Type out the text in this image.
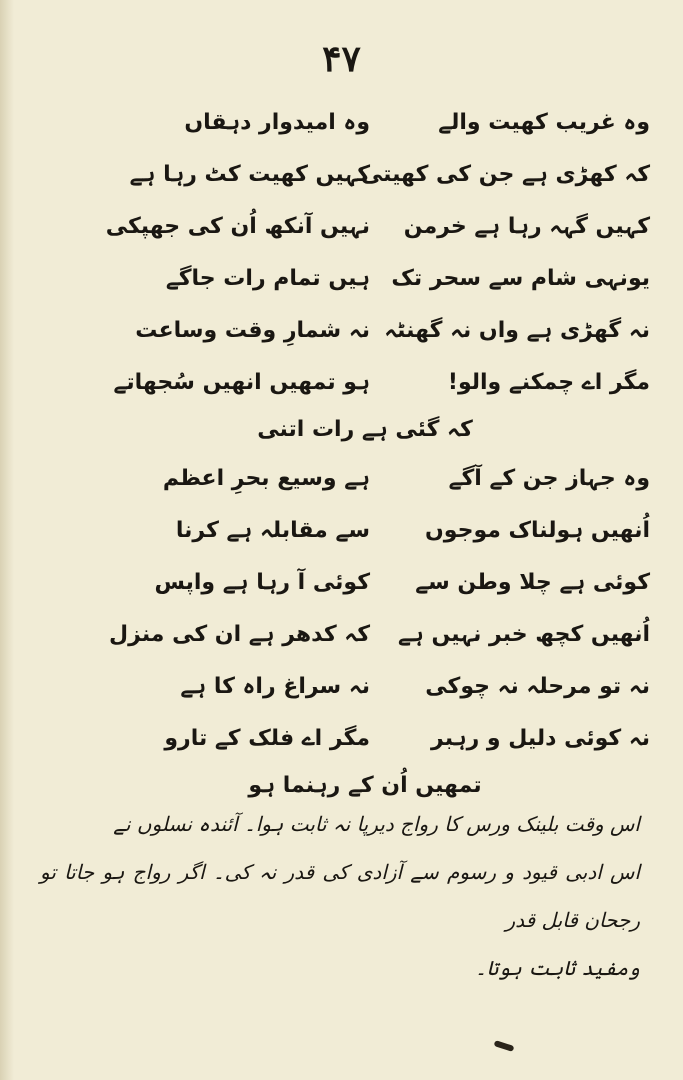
۴۷
وہ غریب کھیت والے
وہ امیدوار دہقاں
کہ کھڑی ہے جن کی کھیتی
کہیں کھیت کٹ رہا ہے
کہیں گہہ رہا ہے خرمن
نہیں آنکھ اُن کی جھپکی
یونہی شام سے سحر تک
ہیں تمام رات جاگے
نہ گھڑی ہے واں نہ گھنٹہ
نہ شمارِ وقت وساعت
مگر اے چمکنے والو!
ہو تمھیں انھیں سُجھاتے
کہ گئی ہے رات اتنی
وہ جہاز جن کے آگے
ہے وسیع بحرِ اعظم
اُنھیں ہولناک موجوں
سے مقابلہ ہے کرنا
کوئی ہے چلا وطن سے
کوئی آ رہا ہے واپس
اُنھیں کچھ خبر نہیں ہے
کہ کدھر ہے ان کی منزل
نہ تو مرحلہ نہ چوکی
نہ سراغ راہ کا ہے
نہ کوئی دلیل و رہبر
مگر اے فلک کے تارو
تمھیں اُن کے رہنما ہو

اس وقت بلینک ورس کا رواج دیرپا نہ ثابت ہوا۔ آئندہ نسلوں نے

اس ادبی قیود و رسوم سے آزادی کی قدر نہ کی۔ اگر رواج ہو جاتا تو رجحان قابل قدر

ومفید ثابت ہوتا۔
